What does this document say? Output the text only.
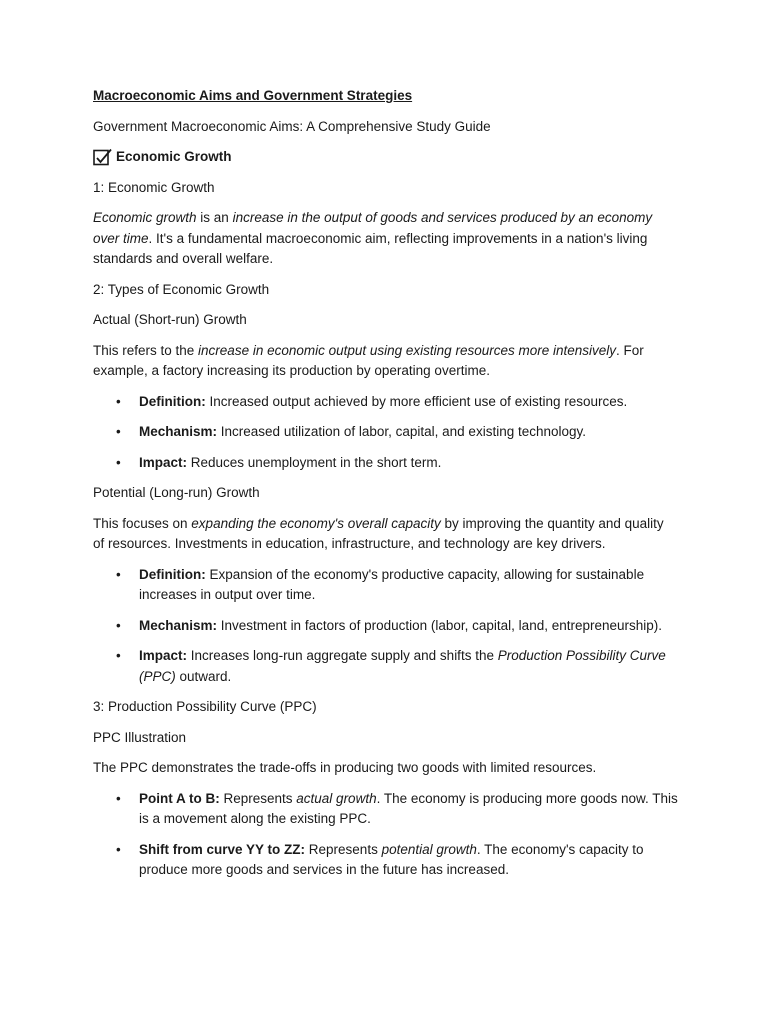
Macroeconomic Aims and Government Strategies

Government Macroeconomic Aims: A Comprehensive Study Guide

Economic Growth

1: Economic Growth

Economic growth is an increase in the output of goods and services produced by an economy over time. It's a fundamental macroeconomic aim, reflecting improvements in a nation's living standards and overall welfare.

2: Types of Economic Growth

Actual (Short-run) Growth

This refers to the increase in economic output using existing resources more intensively. For example, a factory increasing its production by operating overtime.

• Definition: Increased output achieved by more efficient use of existing resources.
• Mechanism: Increased utilization of labor, capital, and existing technology.
• Impact: Reduces unemployment in the short term.

Potential (Long-run) Growth

This focuses on expanding the economy's overall capacity by improving the quantity and quality of resources. Investments in education, infrastructure, and technology are key drivers.

• Definition: Expansion of the economy's productive capacity, allowing for sustainable increases in output over time.
• Mechanism: Investment in factors of production (labor, capital, land, entrepreneurship).
• Impact: Increases long-run aggregate supply and shifts the Production Possibility Curve (PPC) outward.

3: Production Possibility Curve (PPC)

PPC Illustration

The PPC demonstrates the trade-offs in producing two goods with limited resources.

• Point A to B: Represents actual growth. The economy is producing more goods now. This is a movement along the existing PPC.
• Shift from curve YY to ZZ: Represents potential growth. The economy's capacity to produce more goods and services in the future has increased.
